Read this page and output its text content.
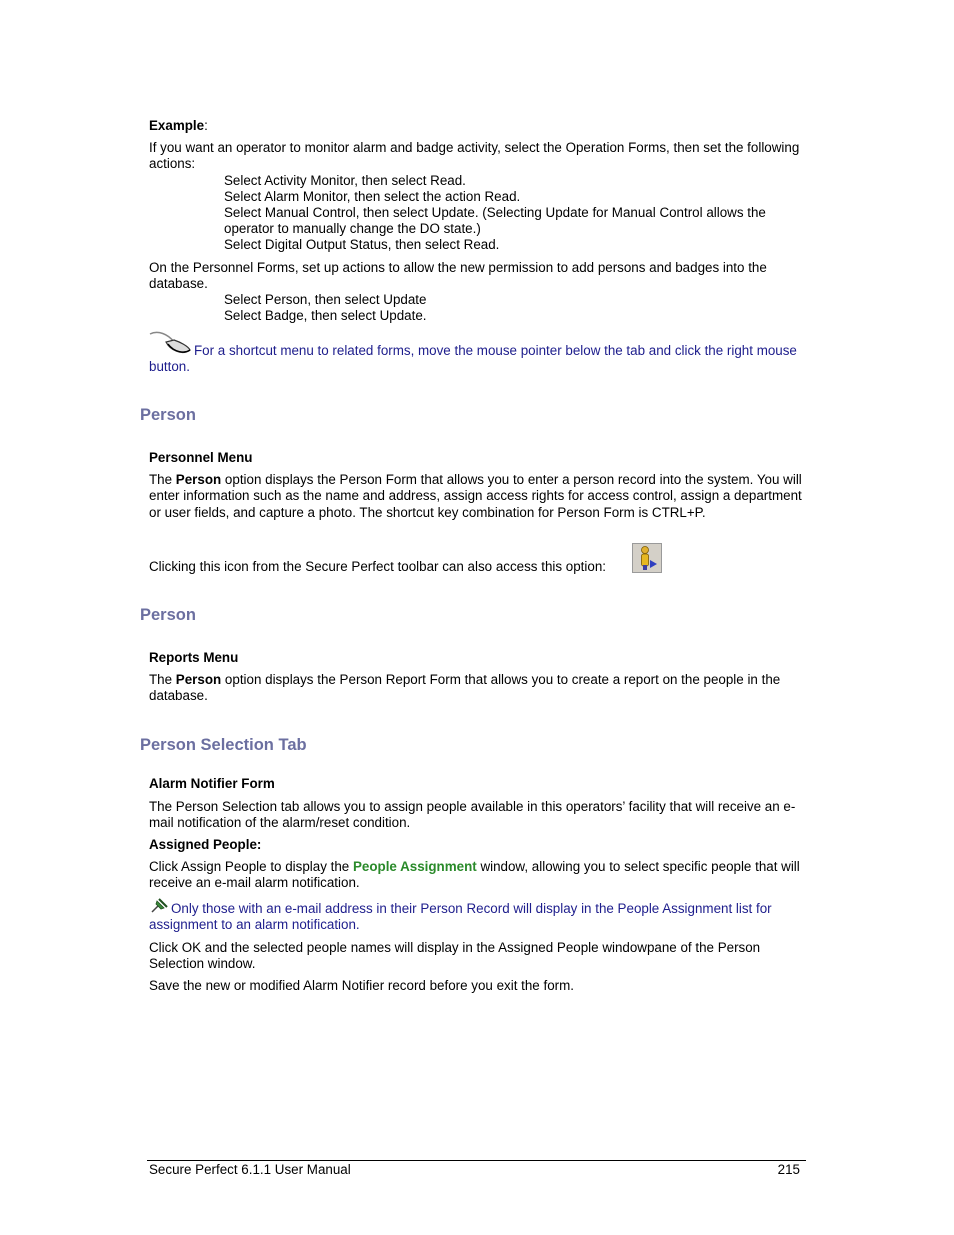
Example:

If you want an operator to monitor alarm and badge activity, select the Operation Forms, then set the following actions:

Select Activity Monitor, then select Read.

Select Alarm Monitor, then select the action Read.

Select Manual Control, then select Update. (Selecting Update for Manual Control allows the operator to manually change the DO state.)

Select Digital Output Status, then select Read.

On the Personnel Forms, set up actions to allow the new permission to add persons and badges into the database.

Select Person, then select Update

Select Badge, then select Update.

For a shortcut menu to related forms, move the mouse pointer below the tab and click the right mouse button.

Person

Personnel Menu

The Person option displays the Person Form that allows you to enter a person record into the system. You will enter information such as the name and address, assign access rights for access control, assign a department or user fields, and capture a photo. The shortcut key combination for Person Form is CTRL+P.

Clicking this icon from the Secure Perfect toolbar can also access this option:

Person

Reports Menu

The Person option displays the Person Report Form that allows you to create a report on the people in the database.

Person Selection Tab

Alarm Notifier Form

The Person Selection tab allows you to assign people available in this operators’ facility that will receive an e-mail notification of the alarm/reset condition.

Assigned People:

Click Assign People to display the People Assignment window, allowing you to select specific people that will receive an e-mail alarm notification.

Only those with an e-mail address in their Person Record will display in the People Assignment list for assignment to an alarm notification.

Click OK and the selected people names will display in the Assigned People windowpane of the Person Selection window.

Save the new or modified Alarm Notifier record before you exit the form.

Secure Perfect 6.1.1 User Manual	215
